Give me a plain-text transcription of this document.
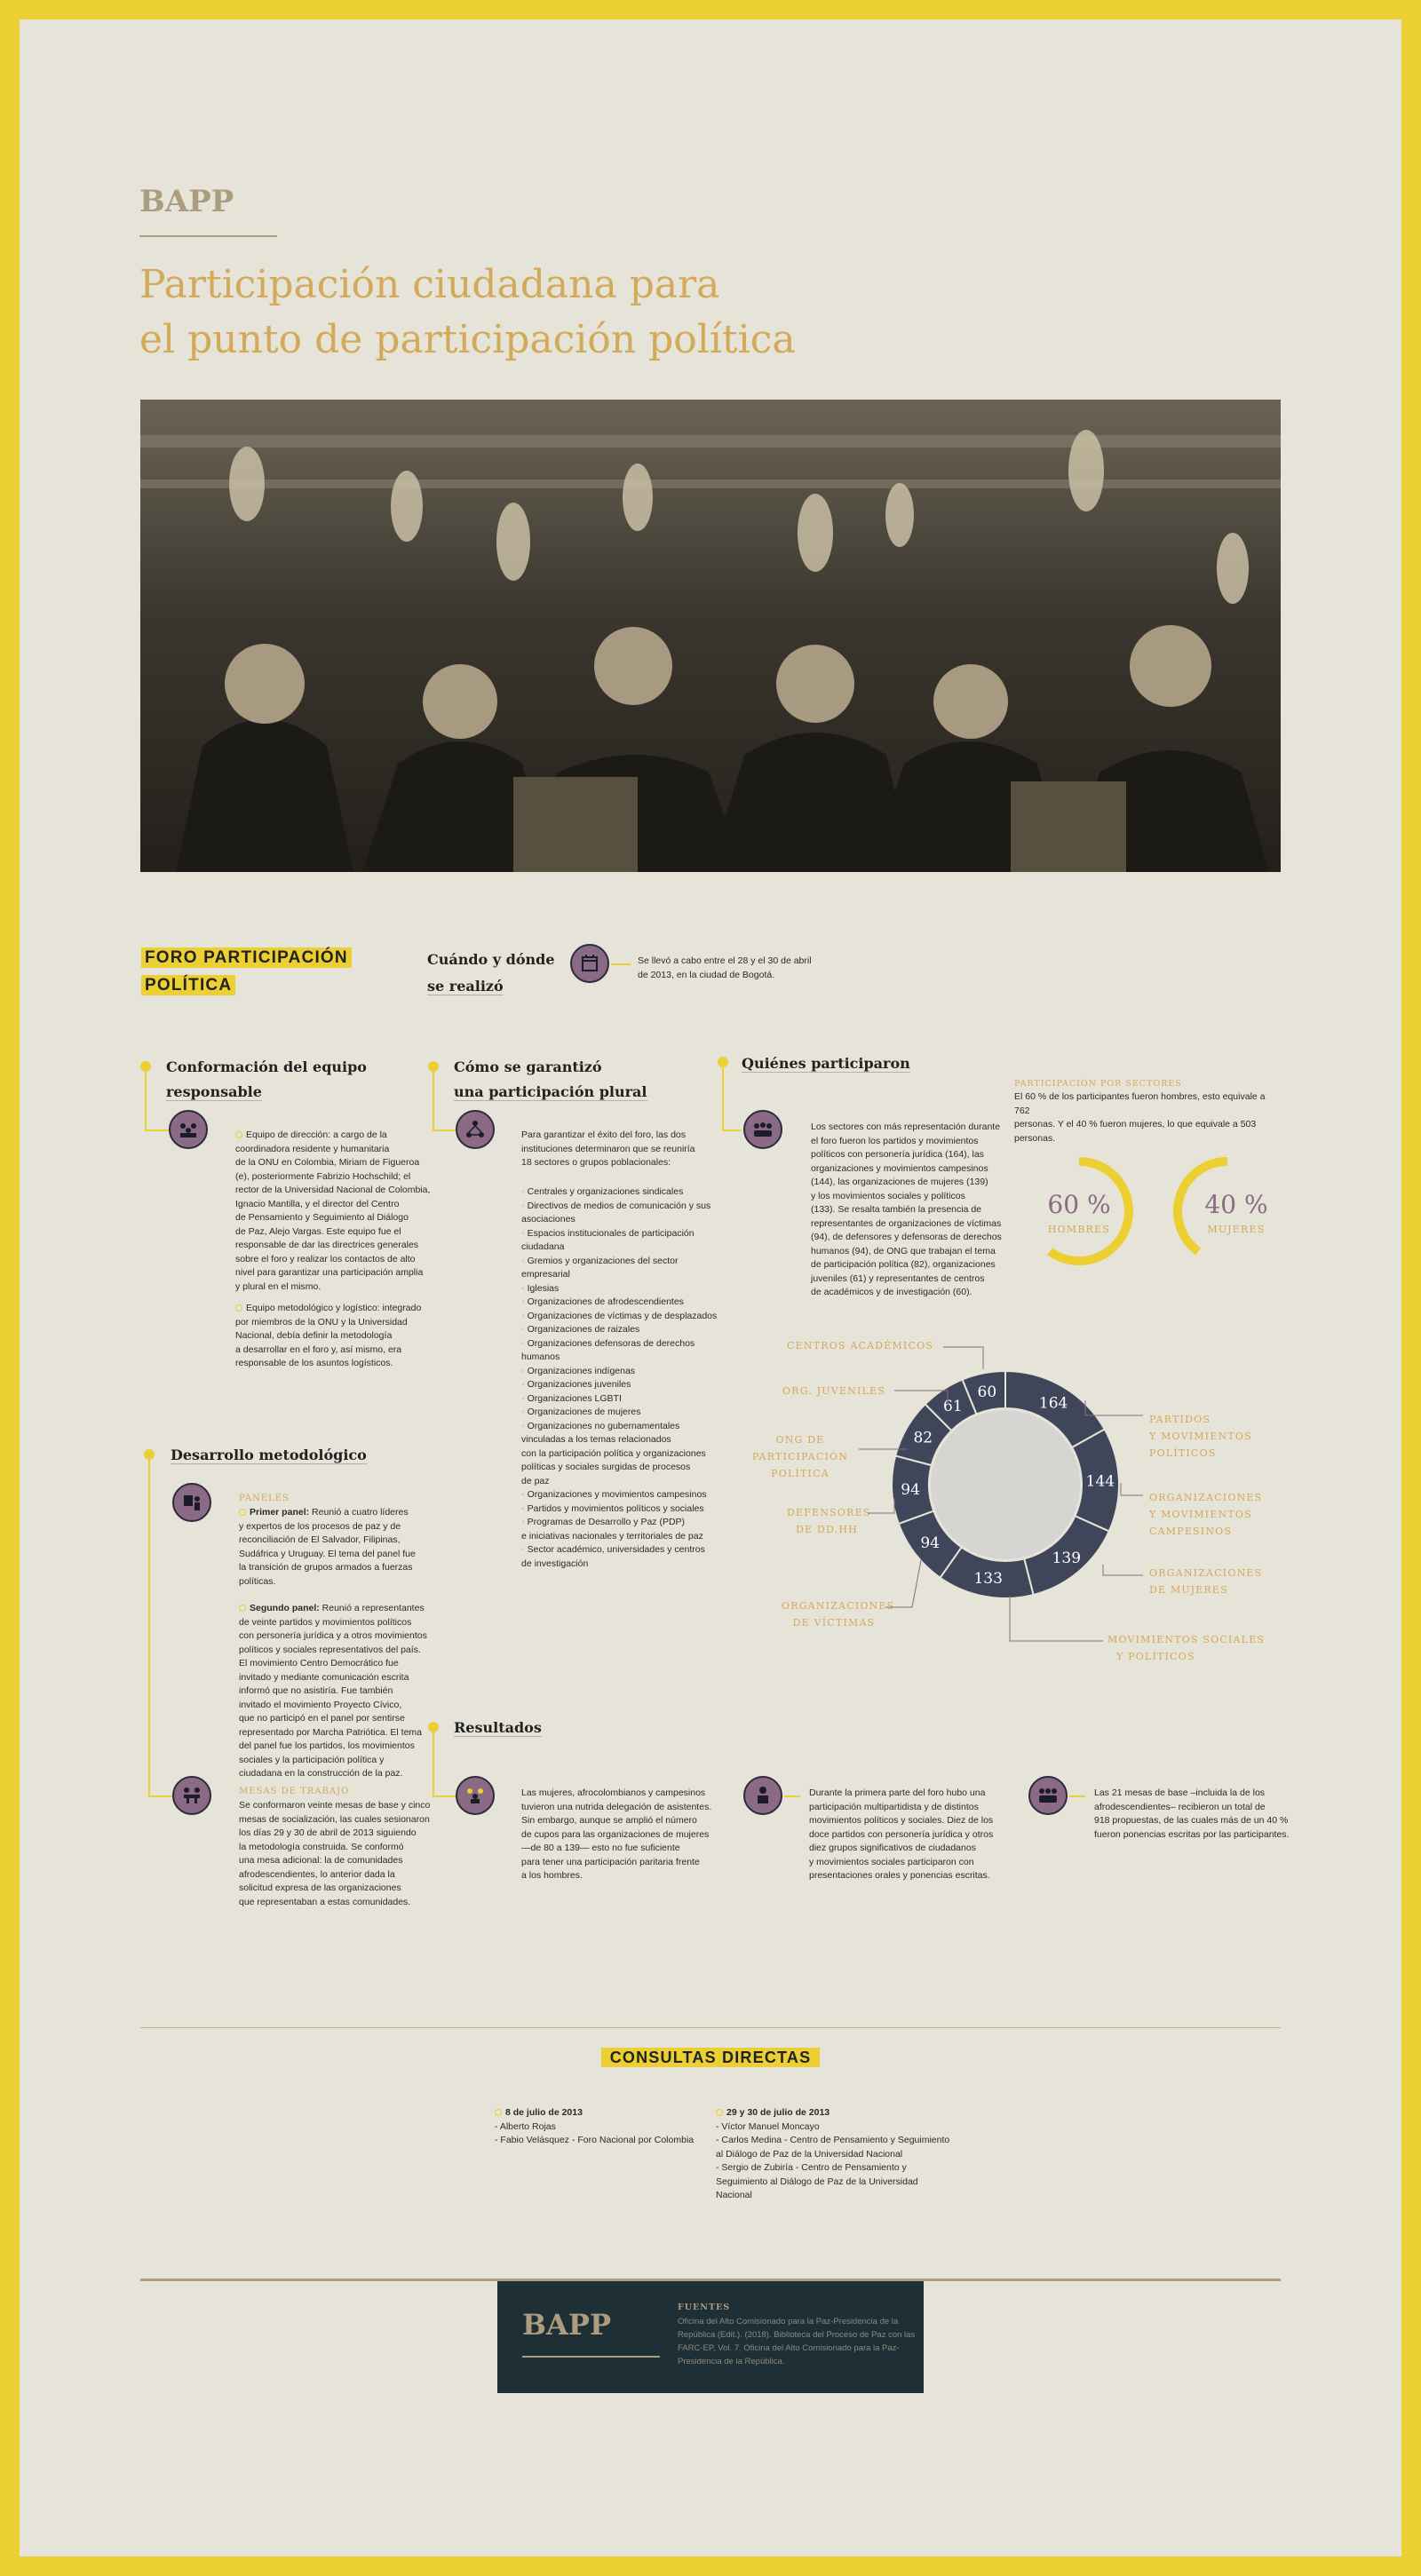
BAPP
Participación ciudadana para
el punto de participación política
FORO PARTICIPACIÓN
POLÍTICA
Cuándo y dónde
se realizó
Se llevó a cabo entre el 28 y el 30 de abril
de 2013, en la ciudad de Bogotá.
Conformación del equipo
responsable
Equipo de dirección: a cargo de la
coordinadora residente y humanitaria
de la ONU en Colombia, Miriam de Figueroa
(e), posteriormente Fabrizio Hochschild; el
rector de la Universidad Nacional de Colombia,
Ignacio Mantilla, y el director del Centro
de Pensamiento y Seguimiento al Diálogo
de Paz, Alejo Vargas. Este equipo fue el
responsable de dar las directrices generales
sobre el foro y realizar los contactos de alto
nivel para garantizar una participación amplia
y plural en el mismo.
Equipo metodológico y logístico: integrado
por miembros de la ONU y la Universidad
Nacional, debía definir la metodología
a desarrollar en el foro y, así mismo, era
responsable de los asuntos logísticos.
Cómo se garantizó
una participación plural
Para garantizar el éxito del foro, las dos
instituciones determinaron que se reuniría
18 sectores o grupos poblacionales:
◦ Centrales y organizaciones sindicales
◦ Directivos de medios de comunicación y sus
asociaciones
◦ Espacios institucionales de participación
ciudadana
◦ Gremios y organizaciones del sector
empresarial
◦ Iglesias
◦ Organizaciones de afrodescendientes
◦ Organizaciones de víctimas y de desplazados
◦ Organizaciones de raizales
◦ Organizaciones defensoras de derechos
humanos
◦ Organizaciones indígenas
◦ Organizaciones juveniles
◦ Organizaciones LGBTI
◦ Organizaciones de mujeres
◦ Organizaciones no gubernamentales
vinculadas a los temas relacionados
con la participación política y organizaciones
políticas y sociales surgidas de procesos
de paz
◦ Organizaciones y movimientos campesinos
◦ Partidos y movimientos políticos y sociales
◦ Programas de Desarrollo y Paz (PDP)
e iniciativas nacionales y territoriales de paz
◦ Sector académico, universidades y centros
de investigación
Quiénes participaron
Los sectores con más representación durante
el foro fueron los partidos y movimientos
políticos con personería jurídica (164), las
organizaciones y movimientos campesinos
(144), las organizaciones de mujeres (139)
y los movimientos sociales y políticos
(133). Se resalta también la presencia de
representantes de organizaciones de víctimas
(94), de defensores y defensoras de derechos
humanos (94), de ONG que trabajan el tema
de participación política (82), organizaciones
juveniles (61) y representantes de centros
de académicos y de investigación (60).
PARTICIPACIÓN POR SECTORES
El 60 % de los participantes fueron hombres, esto equivale a 762
personas. Y el 40 % fueron mujeres, lo que equivale a 503 personas.
60 %
HOMBRES
40 %
MUJERES
164
144
139
133
94
94
82
61
60
CENTROS ACADÉMICOS
ORG. JUVENILES
ONG DE
PARTICIPACIÓN
POLÍTICA
DEFENSORES
DE DD.HH
ORGANIZACIONES
DE VÍCTIMAS
PARTIDOS
Y MOVIMIENTOS
POLÍTICOS
ORGANIZACIONES
Y MOVIMIENTOS
CAMPESINOS
ORGANIZACIONES
DE MUJERES
MOVIMIENTOS SOCIALES
Y POLÍTICOS
Desarrollo metodológico
PANELES
Primer panel: Reunió a cuatro líderes
y expertos de los procesos de paz y de
reconciliación de El Salvador, Filipinas,
Sudáfrica y Uruguay. El tema del panel fue
la transición de grupos armados a fuerzas
políticas.
Segundo panel: Reunió a representantes
de veinte partidos y movimientos políticos
con personería jurídica y a otros movimientos
políticos y sociales representativos del país.
El movimiento Centro Democrático fue
invitado y mediante comunicación escrita
informó que no asistiría. Fue también
invitado el movimiento Proyecto Cívico,
que no participó en el panel por sentirse
representado por Marcha Patriótica. El tema
del panel fue los partidos, los movimientos
sociales y la participación política y
ciudadana en la construcción de la paz.
MESAS DE TRABAJO
Se conformaron veinte mesas de base y cinco
mesas de socialización, las cuales sesionaron
los días 29 y 30 de abril de 2013 siguiendo
la metodología construida. Se conformó
una mesa adicional: la de comunidades
afrodescendientes, lo anterior dada la
solicitud expresa de las organizaciones
que representaban a estas comunidades.
Resultados
Las mujeres, afrocolombianos y campesinos
tuvieron una nutrida delegación de asistentes.
Sin embargo, aunque se amplió el número
de cupos para las organizaciones de mujeres
—de 80 a 139— esto no fue suficiente
para tener una participación paritaria frente
a los hombres.
Durante la primera parte del foro hubo una
participación multipartidista y de distintos
movimientos políticos y sociales. Diez de los
doce partidos con personería jurídica y otros
diez grupos significativos de ciudadanos
y movimientos sociales participaron con
presentaciones orales y ponencias escritas.
Las 21 mesas de base –incluida la de los
afrodescendientes– recibieron un total de
918 propuestas, de las cuales más de un 40 %
fueron ponencias escritas por las participantes.
CONSULTAS DIRECTAS
8 de julio de 2013
- Alberto Rojas
- Fabio Velásquez - Foro Nacional por Colombia
29 y 30 de julio de 2013
- Víctor Manuel Moncayo
- Carlos Medina - Centro de Pensamiento y Seguimiento
al Diálogo de Paz de la Universidad Nacional
- Sergio de Zubiría - Centro de Pensamiento y
Seguimiento al Diálogo de Paz de la Universidad
Nacional
BAPP
FUENTES
Oficina del Alto Comisionado para la Paz-Presidencia de la
República (Edit.). (2018). Biblioteca del Proceso de Paz con las
FARC-EP, Vol. 7. Oficina del Alto Comisionado para la Paz-
Presidencia de la República.
